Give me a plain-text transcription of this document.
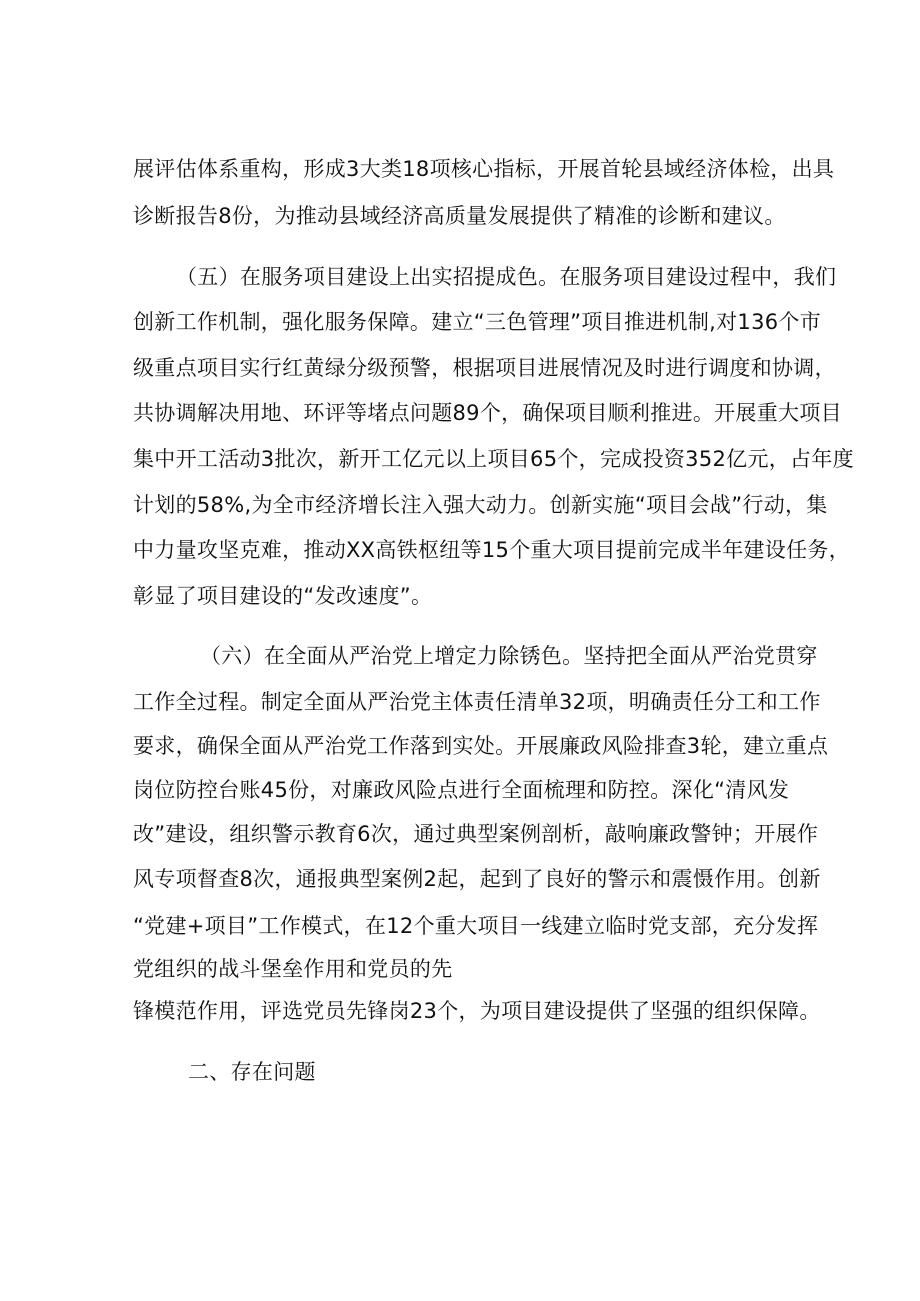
展评估体系重构，形成3大类18项核心指标，开展首轮县域经济体检，出具
诊断报告8份，为推动县域经济高质量发展提供了精准的诊断和建议。
（五）在服务项目建设上出实招提成色。在服务项目建设过程中，我们
创新工作机制，强化服务保障。建立“三色管理”项目推进机制,对136个市
级重点项目实行红黄绿分级预警，根据项目进展情况及时进行调度和协调，
共协调解决用地、环评等堵点问题89个，确保项目顺利推进。开展重大项目
集中开工活动3批次，新开工亿元以上项目65个，完成投资352亿元，占年度
计划的58%,为全市经济增长注入强大动力。创新实施“项目会战”行动，集
中力量攻坚克难，推动XX高铁枢纽等15个重大项目提前完成半年建设任务，
彰显了项目建设的“发改速度”。
（六）在全面从严治党上增定力除锈色。坚持把全面从严治党贯穿
工作全过程。制定全面从严治党主体责任清单32项，明确责任分工和工作
要求，确保全面从严治党工作落到实处。开展廉政风险排查3轮，建立重点
岗位防控台账45份，对廉政风险点进行全面梳理和防控。深化“清风发
改”建设，组织警示教育6次，通过典型案例剖析，敲响廉政警钟；开展作
风专项督查8次，通报典型案例2起，起到了良好的警示和震慑作用。创新
“党建+项目”工作模式，在12个重大项目一线建立临时党支部，充分发挥
党组织的战斗堡垒作用和党员的先
锋模范作用，评选党员先锋岗23个，为项目建设提供了坚强的组织保障。
二、存在问题
